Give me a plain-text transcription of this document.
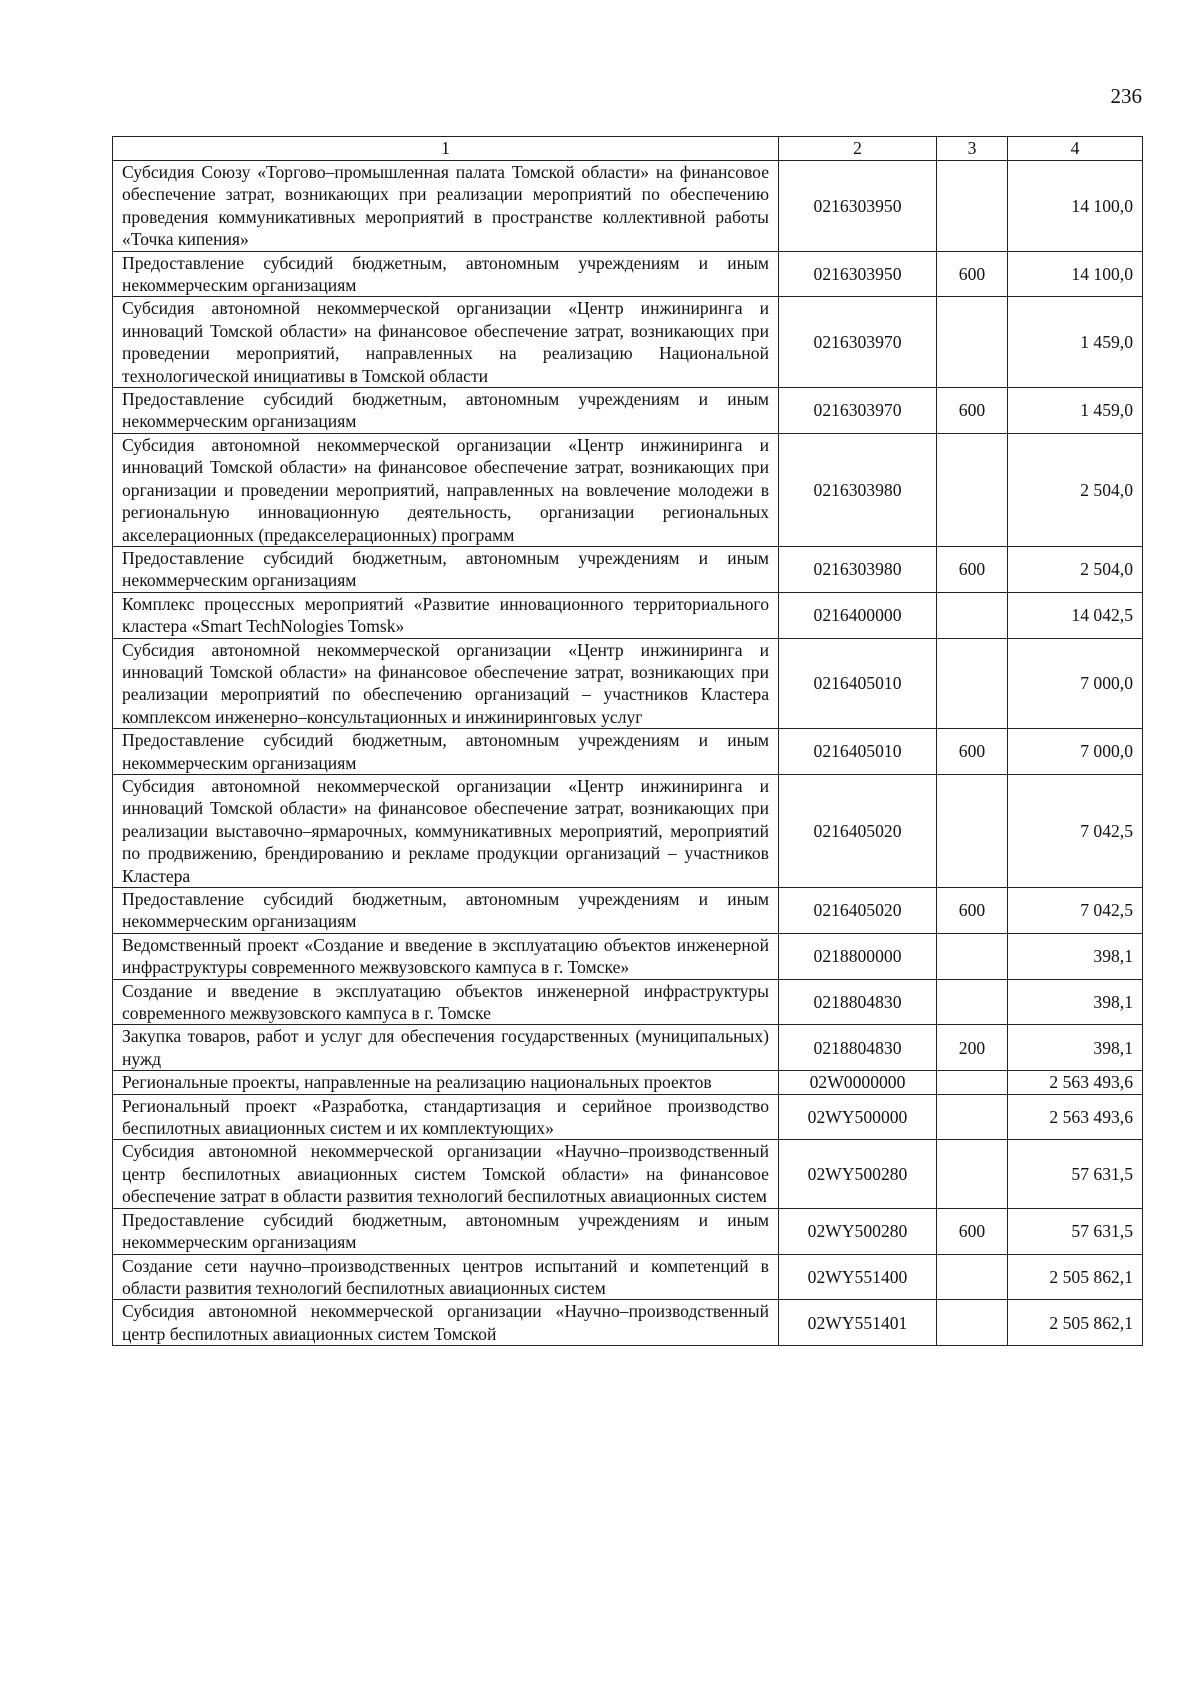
236
1	2	3	4
Субсидия Союзу «Торгово–промышленная палата Томской области» на финансовое обеспечение затрат, возникающих при реализации мероприятий по обеспечению проведения коммуникативных мероприятий в пространстве коллективной работы «Точка кипения»	0216303950		14 100,0
Предоставление субсидий бюджетным, автономным учреждениям и иным некоммерческим организациям	0216303950	600	14 100,0
Субсидия автономной некоммерческой организации «Центр инжиниринга и инноваций Томской области» на финансовое обеспечение затрат, возникающих при проведении мероприятий, направленных на реализацию Национальной технологической инициативы в Томской области	0216303970		1 459,0
Предоставление субсидий бюджетным, автономным учреждениям и иным некоммерческим организациям	0216303970	600	1 459,0
Субсидия автономной некоммерческой организации «Центр инжиниринга и инноваций Томской области» на финансовое обеспечение затрат, возникающих при организации и проведении мероприятий, направленных на вовлечение молодежи в региональную инновационную деятельность, организации региональных акселерационных (предакселерационных) программ	0216303980		2 504,0
Предоставление субсидий бюджетным, автономным учреждениям и иным некоммерческим организациям	0216303980	600	2 504,0
Комплекс процессных мероприятий «Развитие инновационного территориального кластера «Smart TechNologies Tomsk»	0216400000		14 042,5
Субсидия автономной некоммерческой организации «Центр инжиниринга и инноваций Томской области» на финансовое обеспечение затрат, возникающих при реализации мероприятий по обеспечению организаций – участников Кластера комплексом инженерно–консультационных и инжиниринговых услуг	0216405010		7 000,0
Предоставление субсидий бюджетным, автономным учреждениям и иным некоммерческим организациям	0216405010	600	7 000,0
Субсидия автономной некоммерческой организации «Центр инжиниринга и инноваций Томской области» на финансовое обеспечение затрат, возникающих при реализации выставочно–ярмарочных, коммуникативных мероприятий, мероприятий по продвижению, брендированию и рекламе продукции организаций – участников Кластера	0216405020		7 042,5
Предоставление субсидий бюджетным, автономным учреждениям и иным некоммерческим организациям	0216405020	600	7 042,5
Ведомственный проект «Создание и введение в эксплуатацию объектов инженерной инфраструктуры современного межвузовского кампуса в г. Томске»	0218800000		398,1
Создание и введение в эксплуатацию объектов инженерной инфраструктуры современного межвузовского кампуса в г. Томске	0218804830		398,1
Закупка товаров, работ и услуг для обеспечения государственных (муниципальных) нужд	0218804830	200	398,1
Региональные проекты, направленные на реализацию национальных проектов	02W0000000		2 563 493,6
Региональный проект «Разработка, стандартизация и серийное производство беспилотных авиационных систем и их комплектующих»	02WY500000		2 563 493,6
Субсидия автономной некоммерческой организации «Научно–производственный центр беспилотных авиационных систем Томской области» на финансовое обеспечение затрат в области развития технологий беспилотных авиационных систем	02WY500280		57 631,5
Предоставление субсидий бюджетным, автономным учреждениям и иным некоммерческим организациям	02WY500280	600	57 631,5
Создание сети научно–производственных центров испытаний и компетенций в области развития технологий беспилотных авиационных систем	02WY551400		2 505 862,1
Субсидия автономной некоммерческой организации «Научно–производственный центр беспилотных авиационных систем Томской	02WY551401		2 505 862,1
